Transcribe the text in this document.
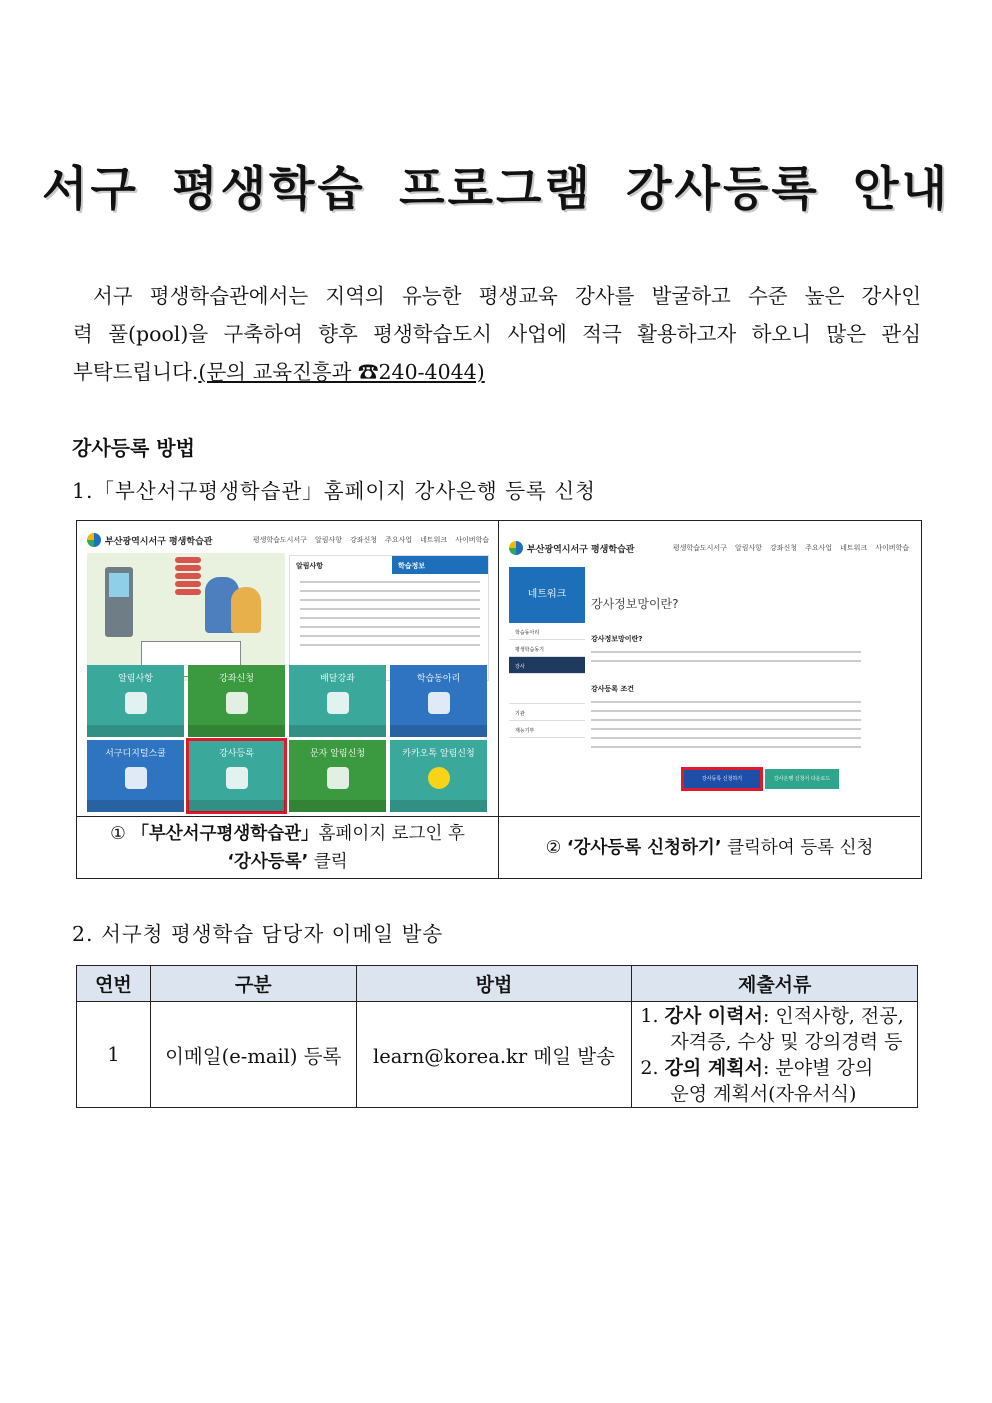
서구 평생학습 프로그램 강사등록 안내
서구 평생학습관에서는 지역의 유능한 평생교육 강사를 발굴하고 수준 높은 강사인
력 풀(pool)을 구축하여 향후 평생학습도시 사업에 적극 활용하고자 하오니 많은 관심
부탁드립니다.(문의 교육진흥과 ☎240-4044)
강사등록 방법
1.「부산서구평생학습관」홈페이지 강사은행 등록 신청
부산광역시서구 평생학습관	평생학습도시서구 알림사항 강좌신청 주요사업 네트워크 사이버학습
알림사항	학습정보
알림사항	강좌신청	배달강좌	학습동아리
서구디지털스쿨	강사등록	문자 알림신청	카카오톡 알림신청
부산광역시서구 평생학습관	평생학습도시서구 알림사항 강좌신청 주요사업 네트워크 사이버학습
네트워크
학습동아리
평생학습동기
강사
기관
재능기부
강사정보망이란?
강사정보망이란?
강사등록 조건
강사등록 신청하기	강사은행 신청서 다운로드
① 「부산서구평생학습관」홈페이지 로그인 후
‘강사등록’ 클릭
② ‘강사등록 신청하기’ 클릭하여 등록 신청
2. 서구청 평생학습 담당자 이메일 발송
연번	구분	방법	제출서류
1	이메일(e-mail) 등록	learn@korea.kr 메일 발송	1. 강사 이력서: 인적사항, 전공,
자격증, 수상 및 강의경력 등
2. 강의 계획서: 분야별 강의
운영 계획서(자유서식)
